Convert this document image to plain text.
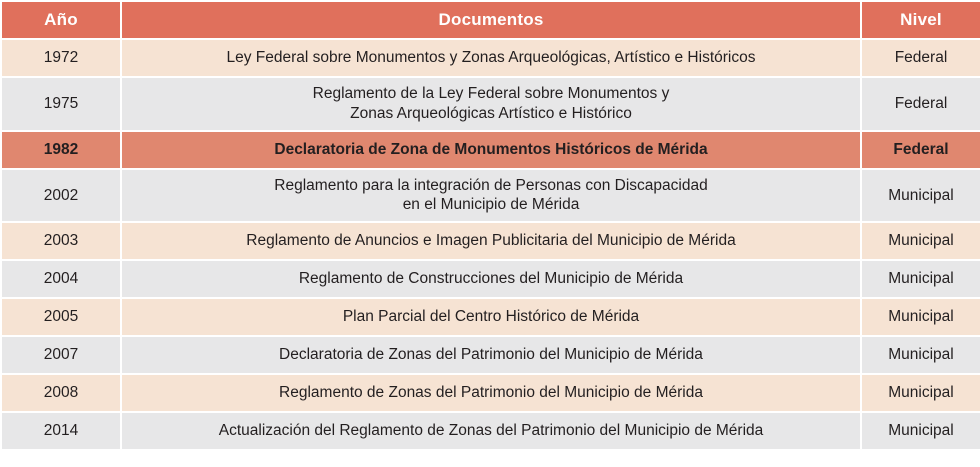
Año	Documentos	Nivel
1972	Ley Federal sobre Monumentos y Zonas Arqueológicas, Artístico e Históricos	Federal
1975	Reglamento de la Ley Federal sobre Monumentos y
Zonas Arqueológicas Artístico e Histórico	Federal
1982	Declaratoria de Zona de Monumentos Históricos de Mérida	Federal
2002	Reglamento para la integración de Personas con Discapacidad
en el Municipio de Mérida	Municipal
2003	Reglamento de Anuncios e Imagen Publicitaria del Municipio de Mérida	Municipal
2004	Reglamento de Construcciones del Municipio de Mérida	Municipal
2005	Plan Parcial del Centro Histórico de Mérida	Municipal
2007	Declaratoria de Zonas del Patrimonio del Municipio de Mérida	Municipal
2008	Reglamento de Zonas del Patrimonio del Municipio de Mérida	Municipal
2014	Actualización del Reglamento de Zonas del Patrimonio del Municipio de Mérida	Municipal
